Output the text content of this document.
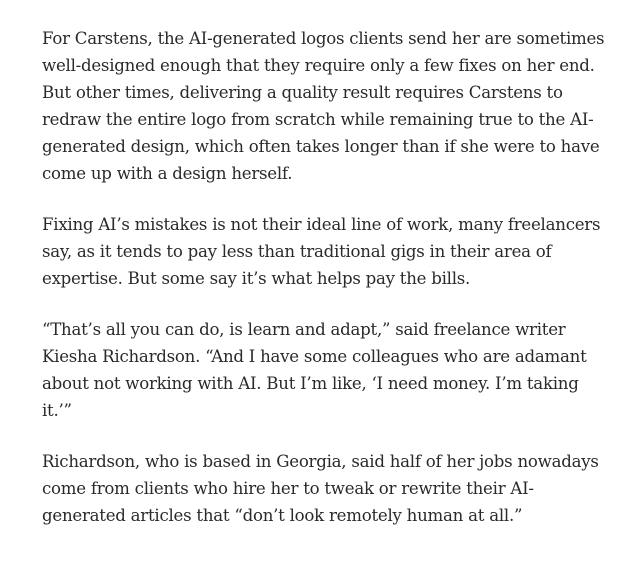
For Carstens, the AI-generated logos clients send her are sometimes
well-designed enough that they require only a few fixes on her end.
But other times, delivering a quality result requires Carstens to
redraw the entire logo from scratch while remaining true to the AI-
generated design, which often takes longer than if she were to have
come up with a design herself.

Fixing AI’s mistakes is not their ideal line of work, many freelancers
say, as it tends to pay less than traditional gigs in their area of
expertise. But some say it’s what helps pay the bills.

“That’s all you can do, is learn and adapt,” said freelance writer
Kiesha Richardson. “And I have some colleagues who are adamant
about not working with AI. But I’m like, ‘I need money. I’m taking
it.’”

Richardson, who is based in Georgia, said half of her jobs nowadays
come from clients who hire her to tweak or rewrite their AI-
generated articles that “don’t look remotely human at all.”
